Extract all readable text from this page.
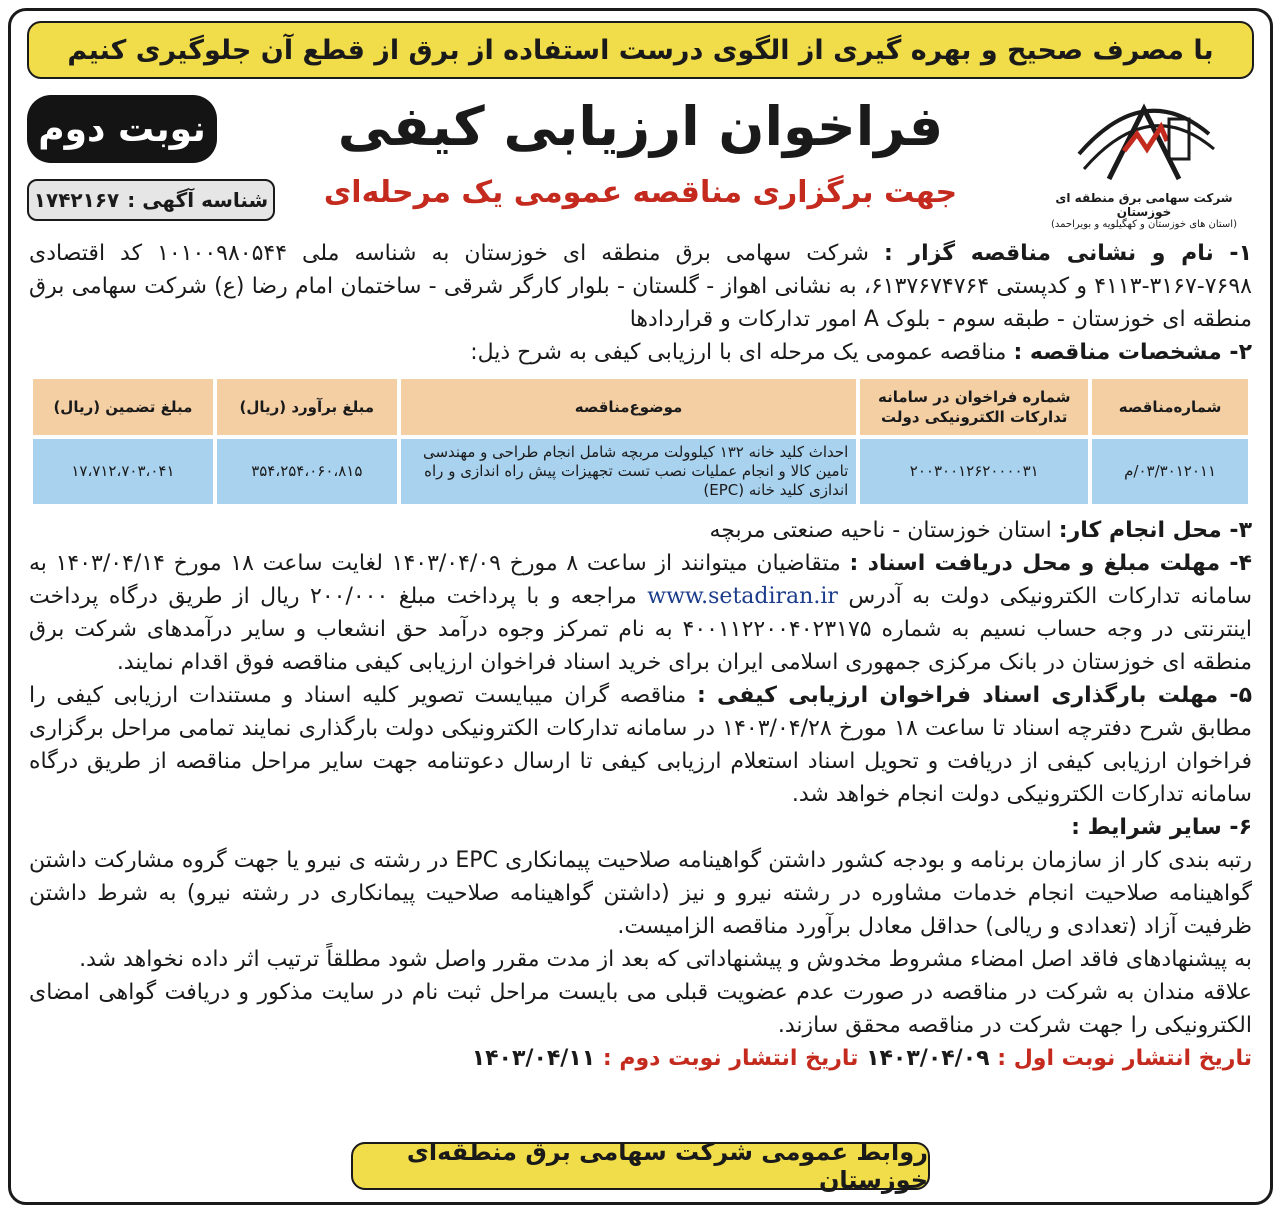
با مصرف صحیح و بهره گیری از الگوی درست استفاده از برق از قطع آن جلوگیری کنیم
شرکت سهامی برق منطقه ای خوزستان
(استان های خوزستان و کهگیلویه و بویراحمد)
فراخوان ارزیابی کیفی
جهت برگزاری مناقصه عمومی یک مرحله‌ای
نوبت دوم
شناسه آگهی :
۱۷۴۲۱۶۷

۱- نام و نشانی مناقصه گزار : شرکت سهامی برق منطقه ای خوزستان به شناسه ملی ۱۰۱۰۰۹۸۰۵۴۴ کد اقتصادی ۷۶۹۸-۳۱۶۷-۴۱۱۳ و کدپستی ۶۱۳۷۶۷۴۷۶۴، به نشانی اهواز - گلستان - بلوار کارگر شرقی - ساختمان امام رضا (ع) شرکت سهامی برق منطقه ای خوزستان - طبقه سوم - بلوک A امور تدارکات و قراردادها

۲- مشخصات مناقصه : مناقصه عمومی یک مرحله ای با ارزیابی کیفی به شرح ذیل:

شماره‌مناقصه	شماره فراخوان در سامانه تدارکات الکترونیکی دولت	موضوع‌مناقصه	مبلغ برآورد (ریال)	مبلغ تضمین (ریال)
۰۳/۳۰۱۲۰۱۱/م	۲۰۰۳۰۰۱۲۶۲۰۰۰۰۳۱	احداث کلید خانه ۱۳۲ کیلوولت مربچه شامل انجام طراحی و مهندسی تامین کالا و انجام عملیات نصب تست تجهیزات پیش راه اندازی و راه اندازی کلید خانه (EPC)	۳۵۴،۲۵۴،۰۶۰،۸۱۵	۱۷،۷۱۲،۷۰۳،۰۴۱

۳- محل انجام کار: استان خوزستان - ناحیه صنعتی مربچه

۴- مهلت مبلغ و محل دریافت اسناد : متقاضیان میتوانند از ساعت ۸ مورخ ۱۴۰۳/۰۴/۰۹ لغایت ساعت ۱۸ مورخ ۱۴۰۳/۰۴/۱۴ به سامانه تدارکات الکترونیکی دولت به آدرس www.setadiran.ir مراجعه و با پرداخت مبلغ ۲۰۰/۰۰۰ ریال از طریق درگاه پرداخت اینترنتی در وجه حساب نسیم به شماره ۴۰۰۱۱۲۲۰۰۴۰۲۳۱۷۵ به نام تمرکز وجوه درآمد حق انشعاب و سایر درآمدهای شرکت برق منطقه ای خوزستان در بانک مرکزی جمهوری اسلامی ایران برای خرید اسناد فراخوان ارزیابی کیفی مناقصه فوق اقدام نمایند.

۵- مهلت بارگذاری اسناد فراخوان ارزیابی کیفی : مناقصه گران میبایست تصویر کلیه اسناد و مستندات ارزیابی کیفی را مطابق شرح دفترچه اسناد تا ساعت ۱۸ مورخ ۱۴۰۳/۰۴/۲۸ در سامانه تدارکات الکترونیکی دولت بارگذاری نمایند تمامی مراحل برگزاری فراخوان ارزیابی کیفی از دریافت و تحویل اسناد استعلام ارزیابی کیفی تا ارسال دعوتنامه جهت سایر مراحل مناقصه از طریق درگاه سامانه تدارکات الکترونیکی دولت انجام خواهد شد.

۶- سایر شرایط :

رتبه بندی کار از سازمان برنامه و بودجه کشور داشتن گواهینامه صلاحیت پیمانکاری EPC در رشته ی نیرو یا جهت گروه مشارکت داشتن گواهینامه صلاحیت انجام خدمات مشاوره در رشته نیرو و نیز (داشتن گواهینامه صلاحیت پیمانکاری در رشته نیرو) به شرط داشتن ظرفیت آزاد (تعدادی و ریالی) حداقل معادل برآورد مناقصه الزامیست.

به پیشنهادهای فاقد اصل امضاء مشروط مخدوش و پیشنهاداتی که بعد از مدت مقرر واصل شود مطلقاً ترتیب اثر داده نخواهد شد.

علاقه مندان به شرکت در مناقصه در صورت عدم عضویت قبلی می بایست مراحل ثبت نام در سایت مذکور و دریافت گواهی امضای الکترونیکی را جهت شرکت در مناقصه محقق سازند.

تاریخ انتشار نوبت اول : ۱۴۰۳/۰۴/۰۹ تاریخ انتشار نوبت دوم : ۱۴۰۳/۰۴/۱۱

روابط عمومی شرکت سهامی برق منطقه‌ای خوزستان
